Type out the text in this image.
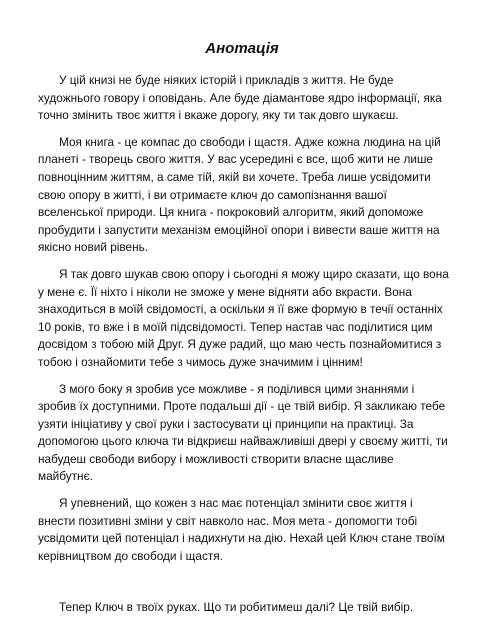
Анотація

У цій книзі не буде ніяких історій і прикладів з життя. Не буде художнього говору і оповідань. Але буде діамантове ядро інформації, яка точно змінить твоє життя і вкаже дорогу, яку ти так довго шукаєш.

Моя книга - це компас до свободи і щастя. Адже кожна людина на цій планеті - творець свого життя. У вас усередині є все, щоб жити не лише повноцінним життям, а саме тій, якій ви хочете. Треба лише усвідомити свою опору в житті, і ви отримаєте ключ до самопізнання вашої вселенської природи. Ця книга - покроковий алгоритм, який допоможе пробудити і запустити механізм емоційної опори і вивести ваше життя на якісно новий рівень.

Я так довго шукав свою опору і сьогодні я можу щиро сказати, що вона у мене є. Її ніхто і ніколи не зможе у мене відняти або вкрасти. Вона знаходиться в моїй свідомості, а оскільки я її вже формую в течії останніх 10 років, то вже і в моїй підсвідомості. Тепер настав час поділитися цим досвідом з тобою мій Друг. Я дуже радий, що маю честь познайомитися з тобою і ознайомити тебе з чимось дуже значимим і цінним!

З мого боку я зробив усе можливе - я поділився цими знаннями і зробив їх доступними. Проте подальші дії - це твій вибір. Я закликаю тебе узяти ініціативу у свої руки і застосувати ці принципи на практиці. За допомогою цього ключа ти відкриєш найважливіші двері у своєму житті, ти набудеш свободи вибору і можливості створити власне щасливе майбутнє.

Я упевнений, що кожен з нас має потенціал змінити своє життя і внести позитивні зміни у світ навколо нас. Моя мета - допомогти тобі усвідомити цей потенціал і надихнути на дію. Нехай цей Ключ стане твоїм керівництвом до свободи і щастя.

Тепер Ключ в твоїх руках. Що ти робитимеш далі? Це твій вибір.
